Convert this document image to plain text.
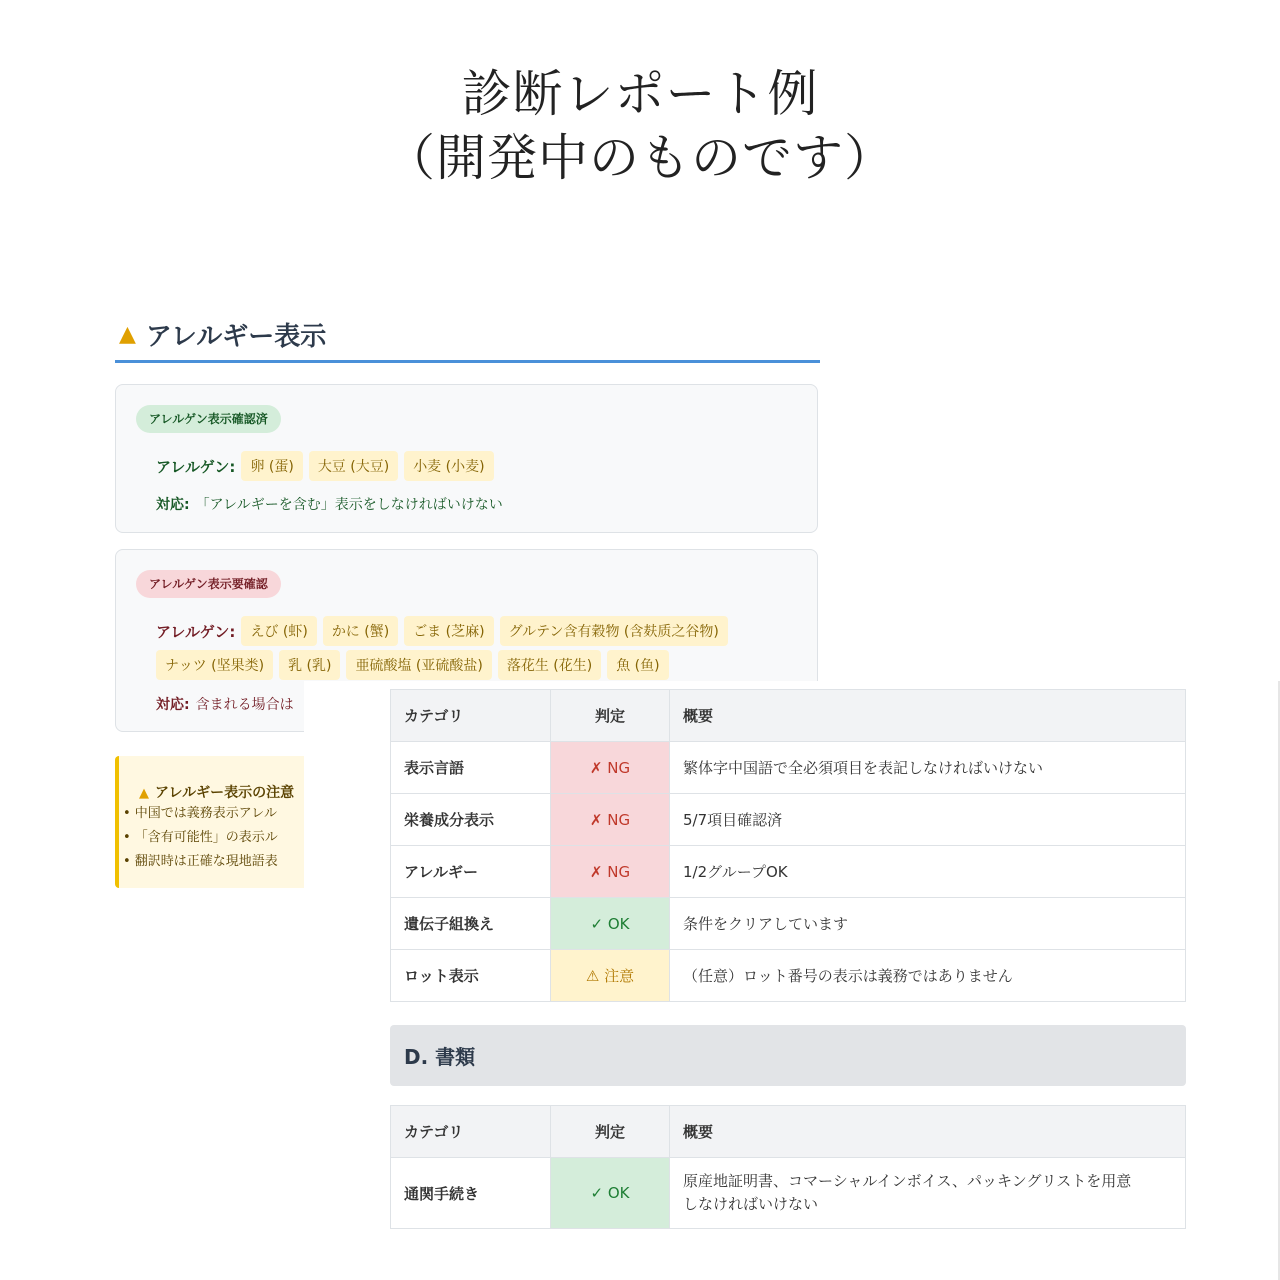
診断レポート例
（開発中のものです）
▲ アレルギー表示
アレルゲン表示確認済
アレルゲン:	卵 (蛋)	大豆 (大豆)	小麦 (小麦)
対応: 「アレルギーを含む」表示をしなければいけない
アレルゲン表示要確認
アレルゲン:	えび (虾)	かに (蟹)	ごま (芝麻)	グルテン含有穀物 (含麸质之谷物)
ナッツ (坚果类)	乳 (乳)	亜硫酸塩 (亚硫酸盐)	落花生 (花生)	魚 (鱼)
対応: 含まれる場合は
▲ アレルギー表示の注意
• 中国では義務表示アレル
• 「含有可能性」の表示ル
• 翻訳時は正確な現地語表
カテゴリ	判定	概要
表示言語	✗ NG	繁体字中国語で全必須項目を表記しなければいけない
栄養成分表示	✗ NG	5/7項目確認済
アレルギー	✗ NG	1/2グループOK
遺伝子組換え	✓ OK	条件をクリアしています
ロット表示	⚠ 注意	（任意）ロット番号の表示は義務ではありません
D. 書類
カテゴリ	判定	概要
通関手続き	✓ OK	原産地証明書、コマーシャルインボイス、パッキングリストを用意
しなければいけない
